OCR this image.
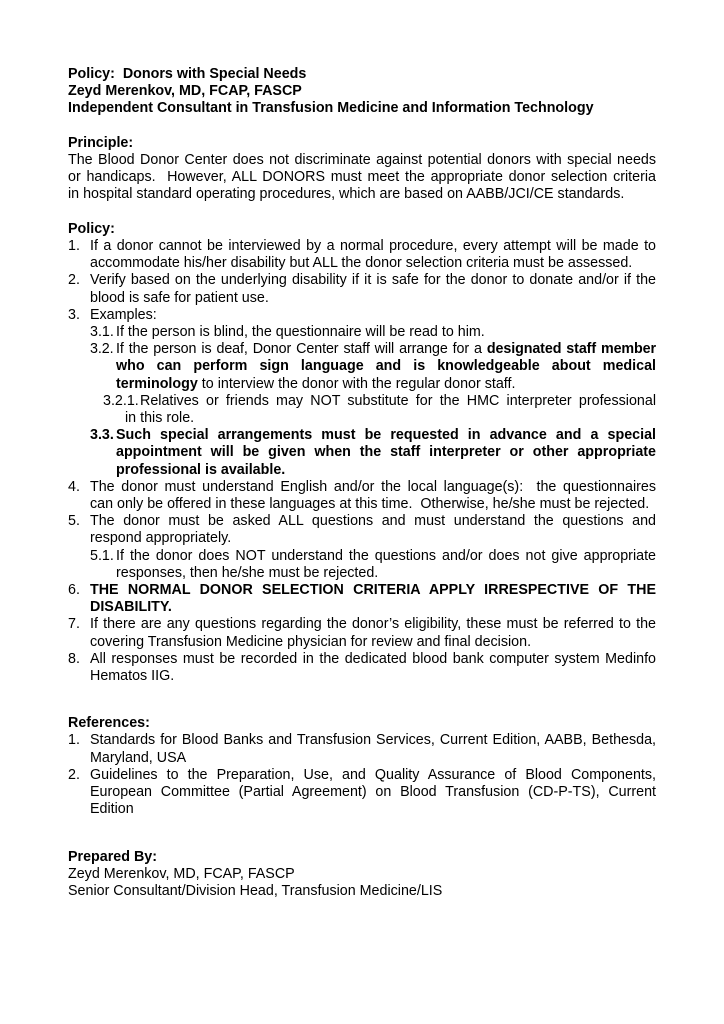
Policy:  Donors with Special Needs
Zeyd Merenkov, MD, FCAP, FASCP
Independent Consultant in Transfusion Medicine and Information Technology
Principle:
The Blood Donor Center does not discriminate against potential donors with special needs
or handicaps.  However, ALL DONORS must meet the appropriate donor selection criteria
in hospital standard operating procedures, which are based on AABB/JCI/CE standards.
Policy:
1. If a donor cannot be interviewed by a normal procedure, every attempt will be made to
accommodate his/her disability but ALL the donor selection criteria must be assessed.
2. Verify based on the underlying disability if it is safe for the donor to donate and/or if the
blood is safe for patient use.
3. Examples:
3.1. If the person is blind, the questionnaire will be read to him.
3.2. If the person is deaf, Donor Center staff will arrange for a designated staff member
who can perform sign language and is knowledgeable about medical
terminology to interview the donor with the regular donor staff.
3.2.1. Relatives or friends may NOT substitute for the HMC interpreter professional
in this role.
3.3. Such special arrangements must be requested in advance and a special
appointment will be given when the staff interpreter or other appropriate
professional is available.
4. The donor must understand English and/or the local language(s):  the questionnaires
can only be offered in these languages at this time.  Otherwise, he/she must be rejected.
5. The donor must be asked ALL questions and must understand the questions and
respond appropriately.
5.1. If the donor does NOT understand the questions and/or does not give appropriate
responses, then he/she must be rejected.
6. THE NORMAL DONOR SELECTION CRITERIA APPLY IRRESPECTIVE OF THE
DISABILITY.
7. If there are any questions regarding the donor’s eligibility, these must be referred to the
covering Transfusion Medicine physician for review and final decision.
8. All responses must be recorded in the dedicated blood bank computer system Medinfo
Hematos IIG.
References:
1. Standards for Blood Banks and Transfusion Services, Current Edition, AABB, Bethesda,
Maryland, USA
2. Guidelines to the Preparation, Use, and Quality Assurance of Blood Components,
European Committee (Partial Agreement) on Blood Transfusion (CD-P-TS), Current
Edition
Prepared By:
Zeyd Merenkov, MD, FCAP, FASCP
Senior Consultant/Division Head, Transfusion Medicine/LIS
